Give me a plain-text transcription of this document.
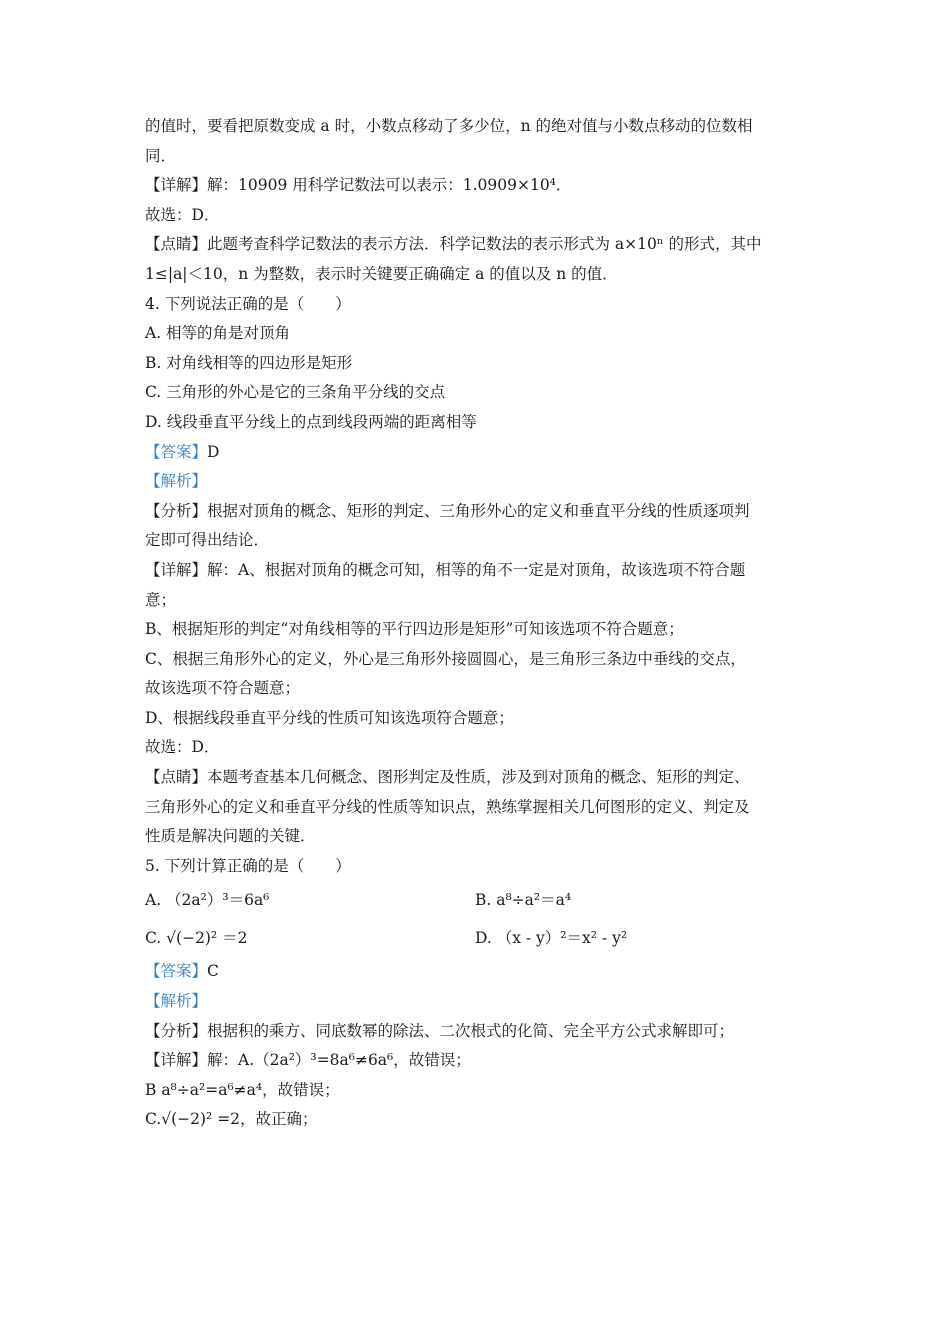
的值时，要看把原数变成 a 时，小数点移动了多少位，n 的绝对值与小数点移动的位数相
同．
【详解】解：10909 用科学记数法可以表示：1.0909×10⁴．
故选：D．
【点睛】此题考查科学记数法的表示方法．科学记数法的表示形式为 a×10ⁿ 的形式，其中
1≤|a|＜10，n 为整数，表示时关键要正确确定 a 的值以及 n 的值．
4. 下列说法正确的是（　　）
A. 相等的角是对顶角
B. 对角线相等的四边形是矩形
C. 三角形的外心是它的三条角平分线的交点
D. 线段垂直平分线上的点到线段两端的距离相等
【答案】D
【解析】
【分析】根据对顶角的概念、矩形的判定、三角形外心的定义和垂直平分线的性质逐项判
定即可得出结论．
【详解】解：A、根据对顶角的概念可知，相等的角不一定是对顶角，故该选项不符合题
意；
B、根据矩形的判定“对角线相等的平行四边形是矩形”可知该选项不符合题意；
C、根据三角形外心的定义，外心是三角形外接圆圆心，是三角形三条边中垂线的交点，
故该选项不符合题意；
D、根据线段垂直平分线的性质可知该选项符合题意；
故选：D．
【点睛】本题考查基本几何概念、图形判定及性质，涉及到对顶角的概念、矩形的判定、
三角形外心的定义和垂直平分线的性质等知识点，熟练掌握相关几何图形的定义、判定及
性质是解决问题的关键．
5. 下列计算正确的是（　　）
A. （2a²）³＝6a⁶	B. a⁸÷a²＝a⁴
C. √(−2)² ＝2	D. （x - y）²＝x² - y²
【答案】C
【解析】
【分析】根据积的乘方、同底数幂的除法、二次根式的化简、完全平方公式求解即可；
【详解】解：A.（2a²）³=8a⁶≠6a⁶，故错误；
B a⁸÷a²=a⁶≠a⁴，故错误；
C.√(−2)² =2，故正确；
